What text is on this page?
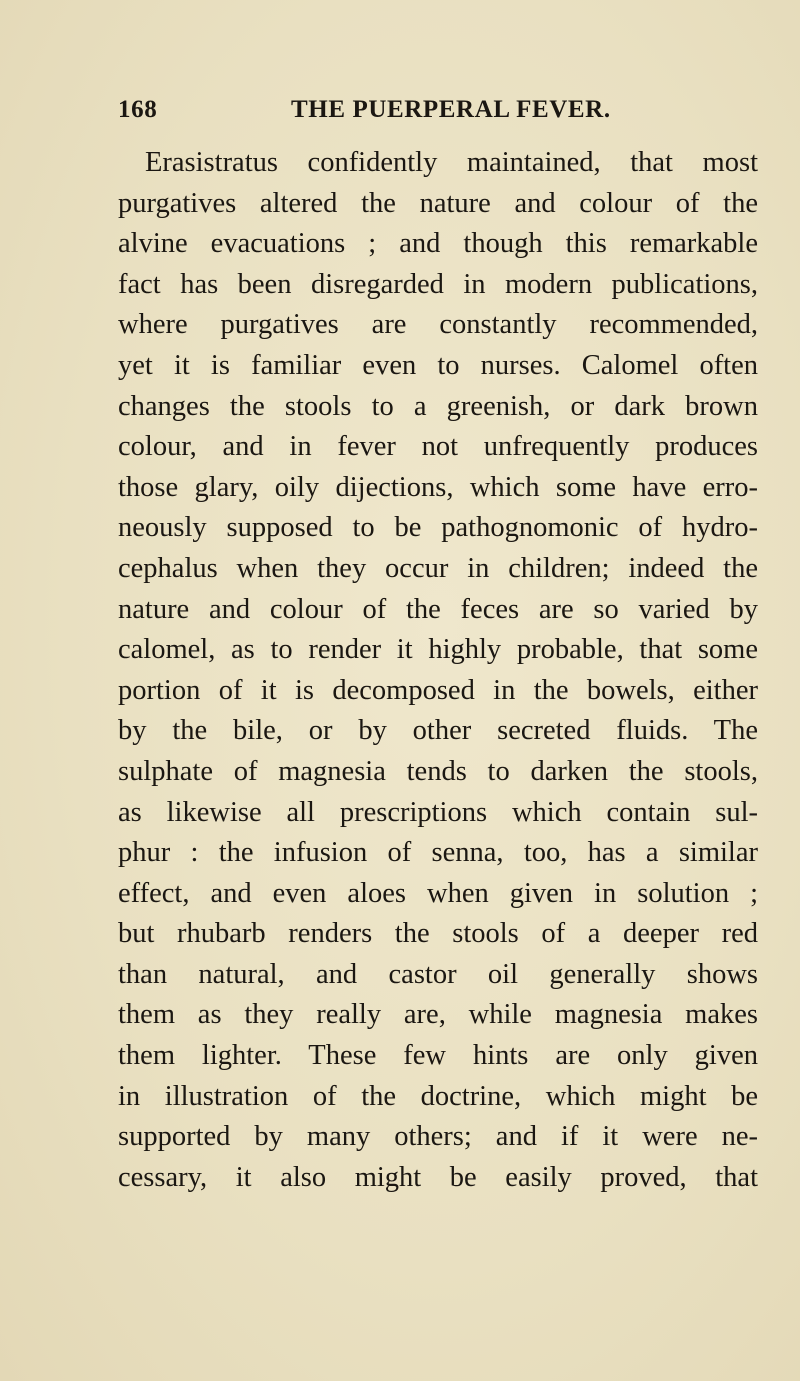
168	THE PUERPERAL FEVER.
Erasistratus confidently maintained, that most
purgatives altered the nature and colour of the
alvine evacuations ; and though this remarkable
fact has been disregarded in modern publications,
where purgatives are constantly recommended,
yet it is familiar even to nurses. Calomel often
changes the stools to a greenish, or dark brown
colour, and in fever not unfrequently produces
those glary, oily dijections, which some have erro-
neously supposed to be pathognomonic of hydro-
cephalus when they occur in children; indeed the
nature and colour of the feces are so varied by
calomel, as to render it highly probable, that some
portion of it is decomposed in the bowels, either
by the bile, or by other secreted fluids. The
sulphate of magnesia tends to darken the stools,
as likewise all prescriptions which contain sul-
phur : the infusion of senna, too, has a similar
effect, and even aloes when given in solution ;
but rhubarb renders the stools of a deeper red
than natural, and castor oil generally shows
them as they really are, while magnesia makes
them lighter. These few hints are only given
in illustration of the doctrine, which might be
supported by many others; and if it were ne-
cessary, it also might be easily proved, that
